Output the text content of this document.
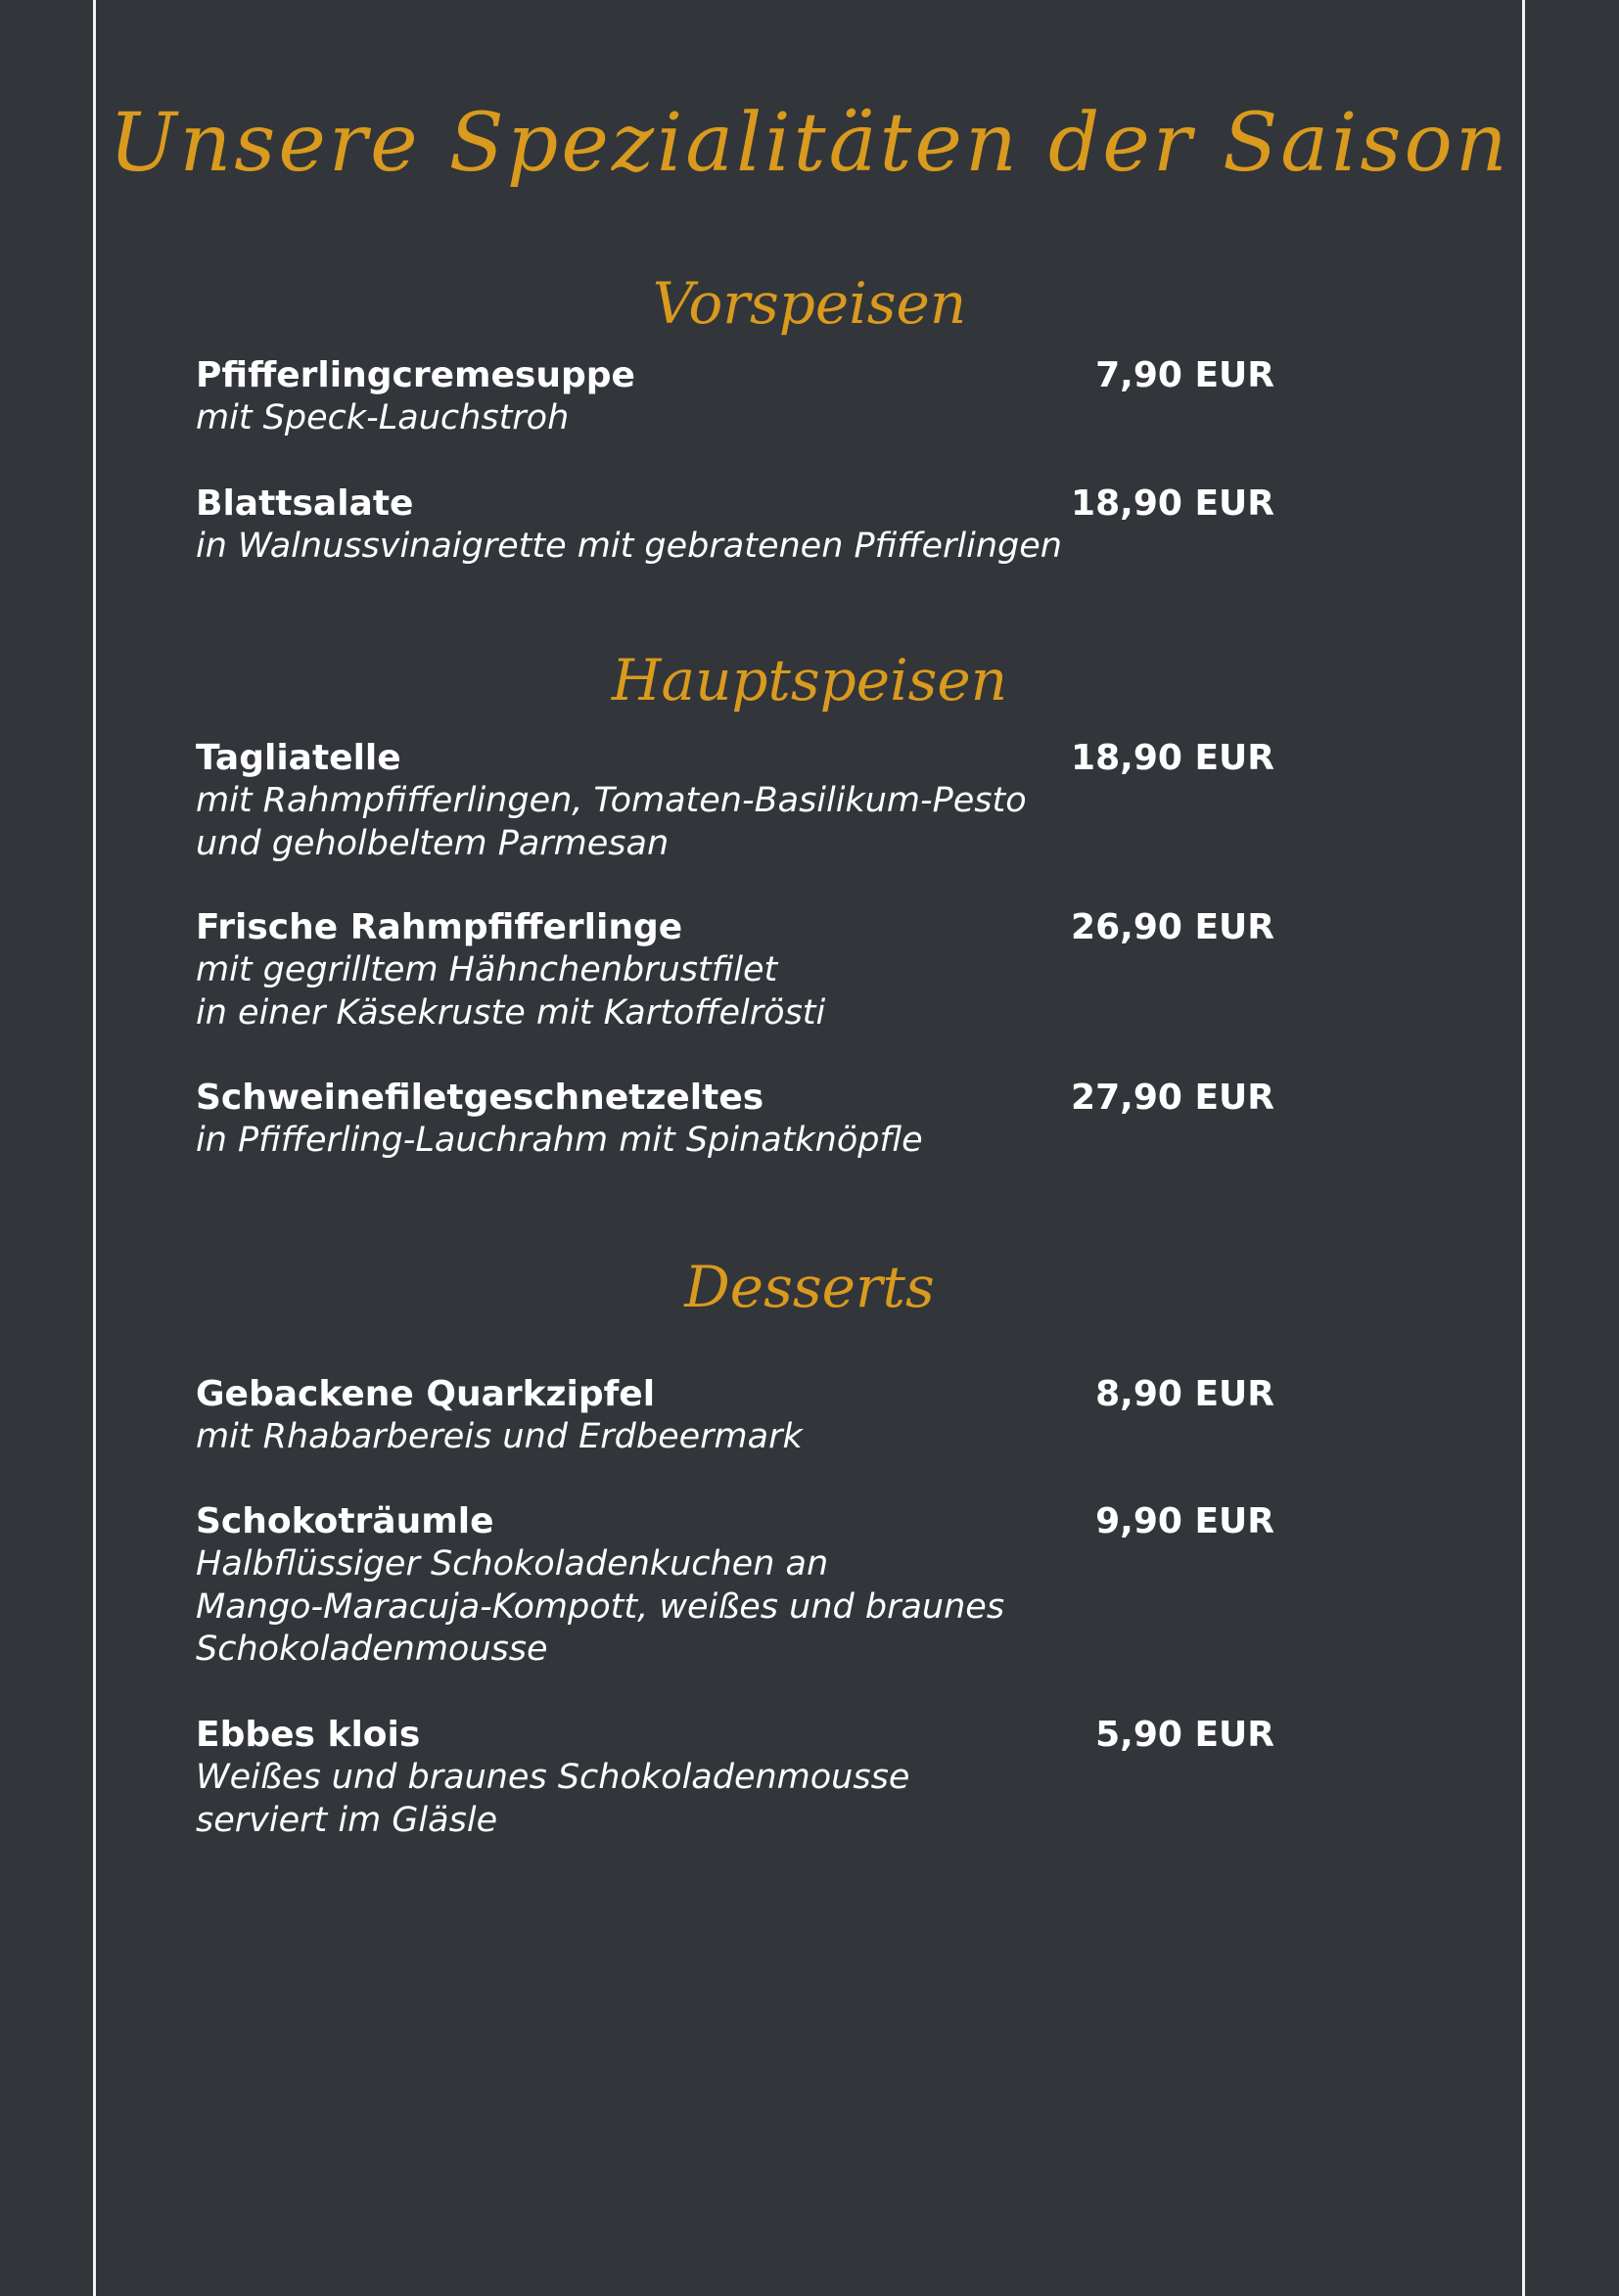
Unsere Spezialitäten der Saison
Vorspeisen
Pfifferlingcremesuppe	7,90 EUR
mit Speck-Lauchstroh
Blattsalate	18,90 EUR
in Walnussvinaigrette mit gebratenen Pfifferlingen
Hauptspeisen
Tagliatelle	18,90 EUR
mit Rahmpfifferlingen, Tomaten-Basilikum-Pesto
und geholbeltem Parmesan
Frische Rahmpfifferlinge	26,90 EUR
mit gegrilltem Hähnchenbrustfilet
in einer Käsekruste mit Kartoffelrösti
Schweinefiletgeschnetzeltes	27,90 EUR
in Pfifferling-Lauchrahm mit Spinatknöpfle
Desserts
Gebackene Quarkzipfel	8,90 EUR
mit Rhabarbereis und Erdbeermark
Schokoträumle	9,90 EUR
Halbflüssiger Schokoladenkuchen an
Mango-Maracuja-Kompott, weißes und braunes
Schokoladenmousse
Ebbes klois	5,90 EUR
Weißes und braunes Schokoladenmousse
serviert im Gläsle
